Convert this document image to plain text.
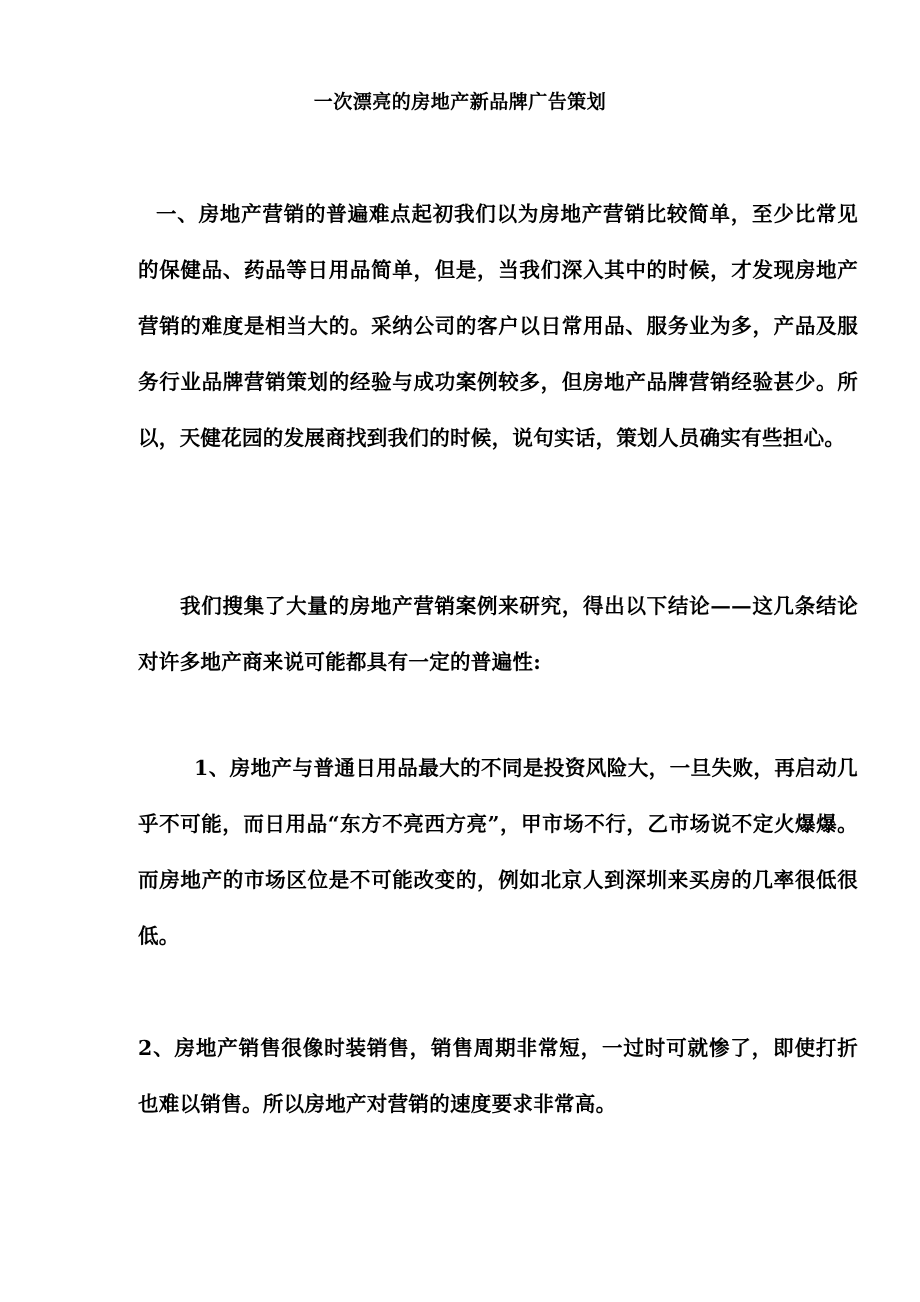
一次漂亮的房地产新品牌广告策划

一、房地产营销的普遍难点起初我们以为房地产营销比较简单，至少比常见的保健品、药品等日用品简单，但是，当我们深入其中的时候，才发现房地产营销的难度是相当大的。采纳公司的客户以日常用品、服务业为多，产品及服务行业品牌营销策划的经验与成功案例较多，但房地产品牌营销经验甚少。所以，天健花园的发展商找到我们的时候，说句实话，策划人员确实有些担心。

我们搜集了大量的房地产营销案例来研究，得出以下结论——这几条结论对许多地产商来说可能都具有一定的普遍性:

1、房地产与普通日用品最大的不同是投资风险大，一旦失败，再启动几乎不可能，而日用品“东方不亮西方亮”，甲市场不行，乙市场说不定火爆爆。而房地产的市场区位是不可能改变的，例如北京人到深圳来买房的几率很低很低。

2、房地产销售很像时装销售，销售周期非常短，一过时可就惨了，即使打折也难以销售。所以房地产对营销的速度要求非常高。
